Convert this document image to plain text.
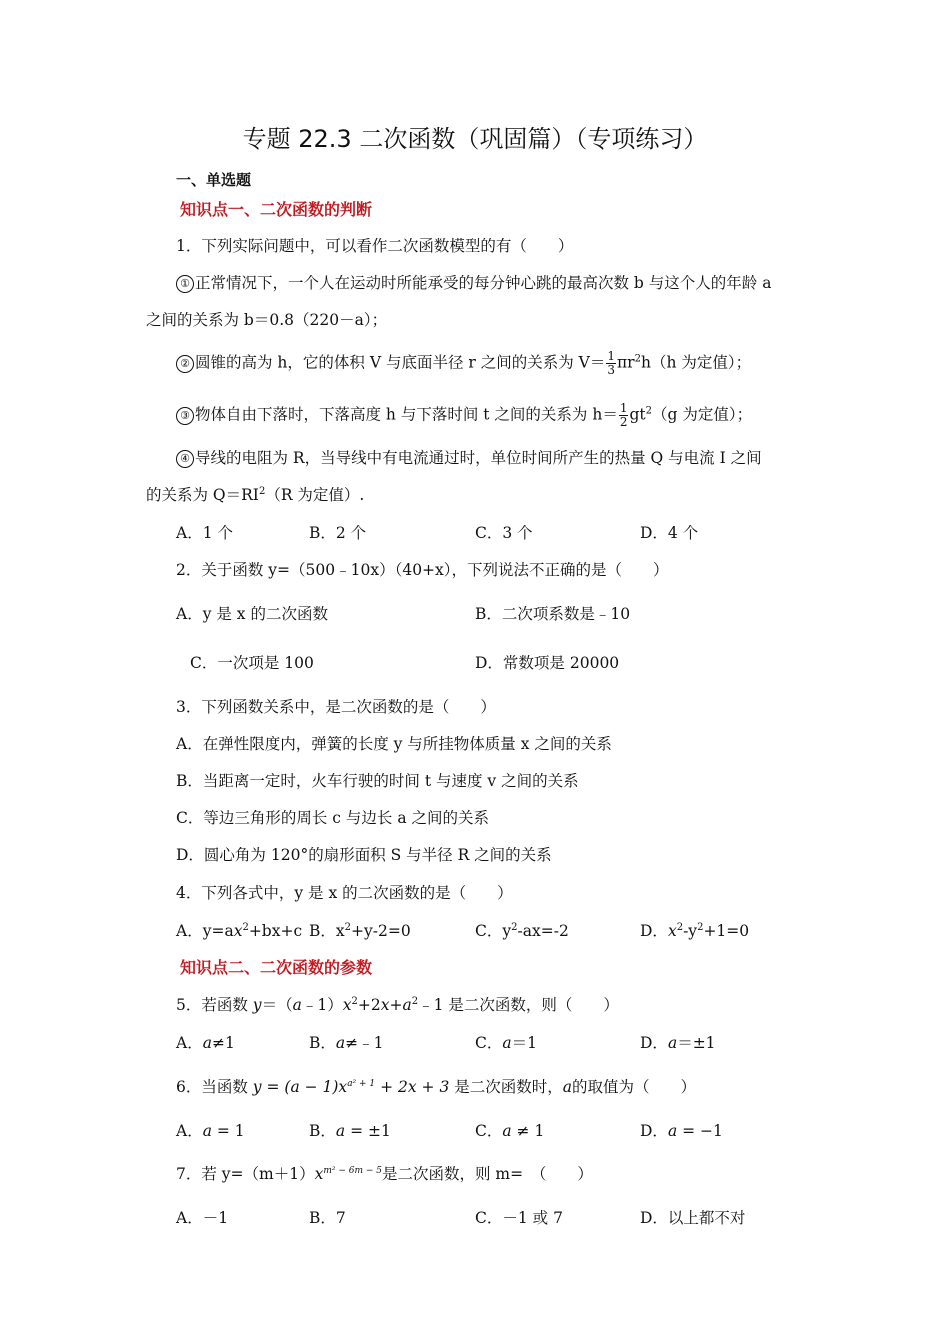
专题 22.3 二次函数（巩固篇）（专项练习）
一、单选题
知识点一、二次函数的判断
1．下列实际问题中，可以看作二次函数模型的有（　　）
① 正常情况下，一个人在运动时所能承受的每分钟心跳的最高次数 b 与这个人的年龄 a
之间的关系为 b＝0.8（220－a）；
② 圆锥的高为 h，它的体积 V 与底面半径 r 之间的关系为 $V= \frac{1}{3} \pi r^2h(h$ 为定值）；
③ 物体自由下落时，下落高度 h 与下落时间 t 之间的关系为 $h= \frac{1}{2} gt^2(g$ 为定值）；
④ 导线的电阻为 R，当导线中有电流通过时，单位时间所产生的热量 Q 与电流 I 之间
的关系为 $Q=RI^2(R$ 为定值）.
A．1 个	B．2 个	C．3 个	D．4 个
2．关于函数 y=（500﹣10x）（40+x），下列说法不正确的是（　　）
A．y 是 x 的二次函数	B．二次项系数是﹣10
C．一次项是 100	D．常数项是 20000
3．下列函数关系中，是二次函数的是（　　）
A．在弹性限度内，弹簧的长度 y 与所挂物体质量 x 之间的关系
B．当距离一定时，火车行驶的时间 t 与速度 v 之间的关系
C．等边三角形的周长 c 与边长 a 之间的关系
D．圆心角为 120°的扇形面积 S 与半径 R 之间的关系
4．下列各式中，y 是 x 的二次函数的是（　　）
A．$y=ax^2+bx+c$ B．$x^2+y-2=0$	C．$y^2-ax=-2$	D．$x^2-y^2+1=0$
知识点二、二次函数的参数
5．若函数 $y=(a﹣1)x^2+2x+a^2﹣1$ 是二次函数，则（　　）
A．a≠1	B．a≠﹣1	C．a＝1	D．a＝±1
6．当函数 $y = (a - 1)x^{a^2 + 1} + 2x + 3$ 是二次函数时，a的取值为（　　）
A．a = 1	B．a = ±1	C．a ≠ 1	D．a = −1
7．若 $y=(m+1)x^{m^2 - 6m - 5}$是二次函数，则 m=　（　　）
A．－1	B．7	C．－1 或 7	D．以上都不对
